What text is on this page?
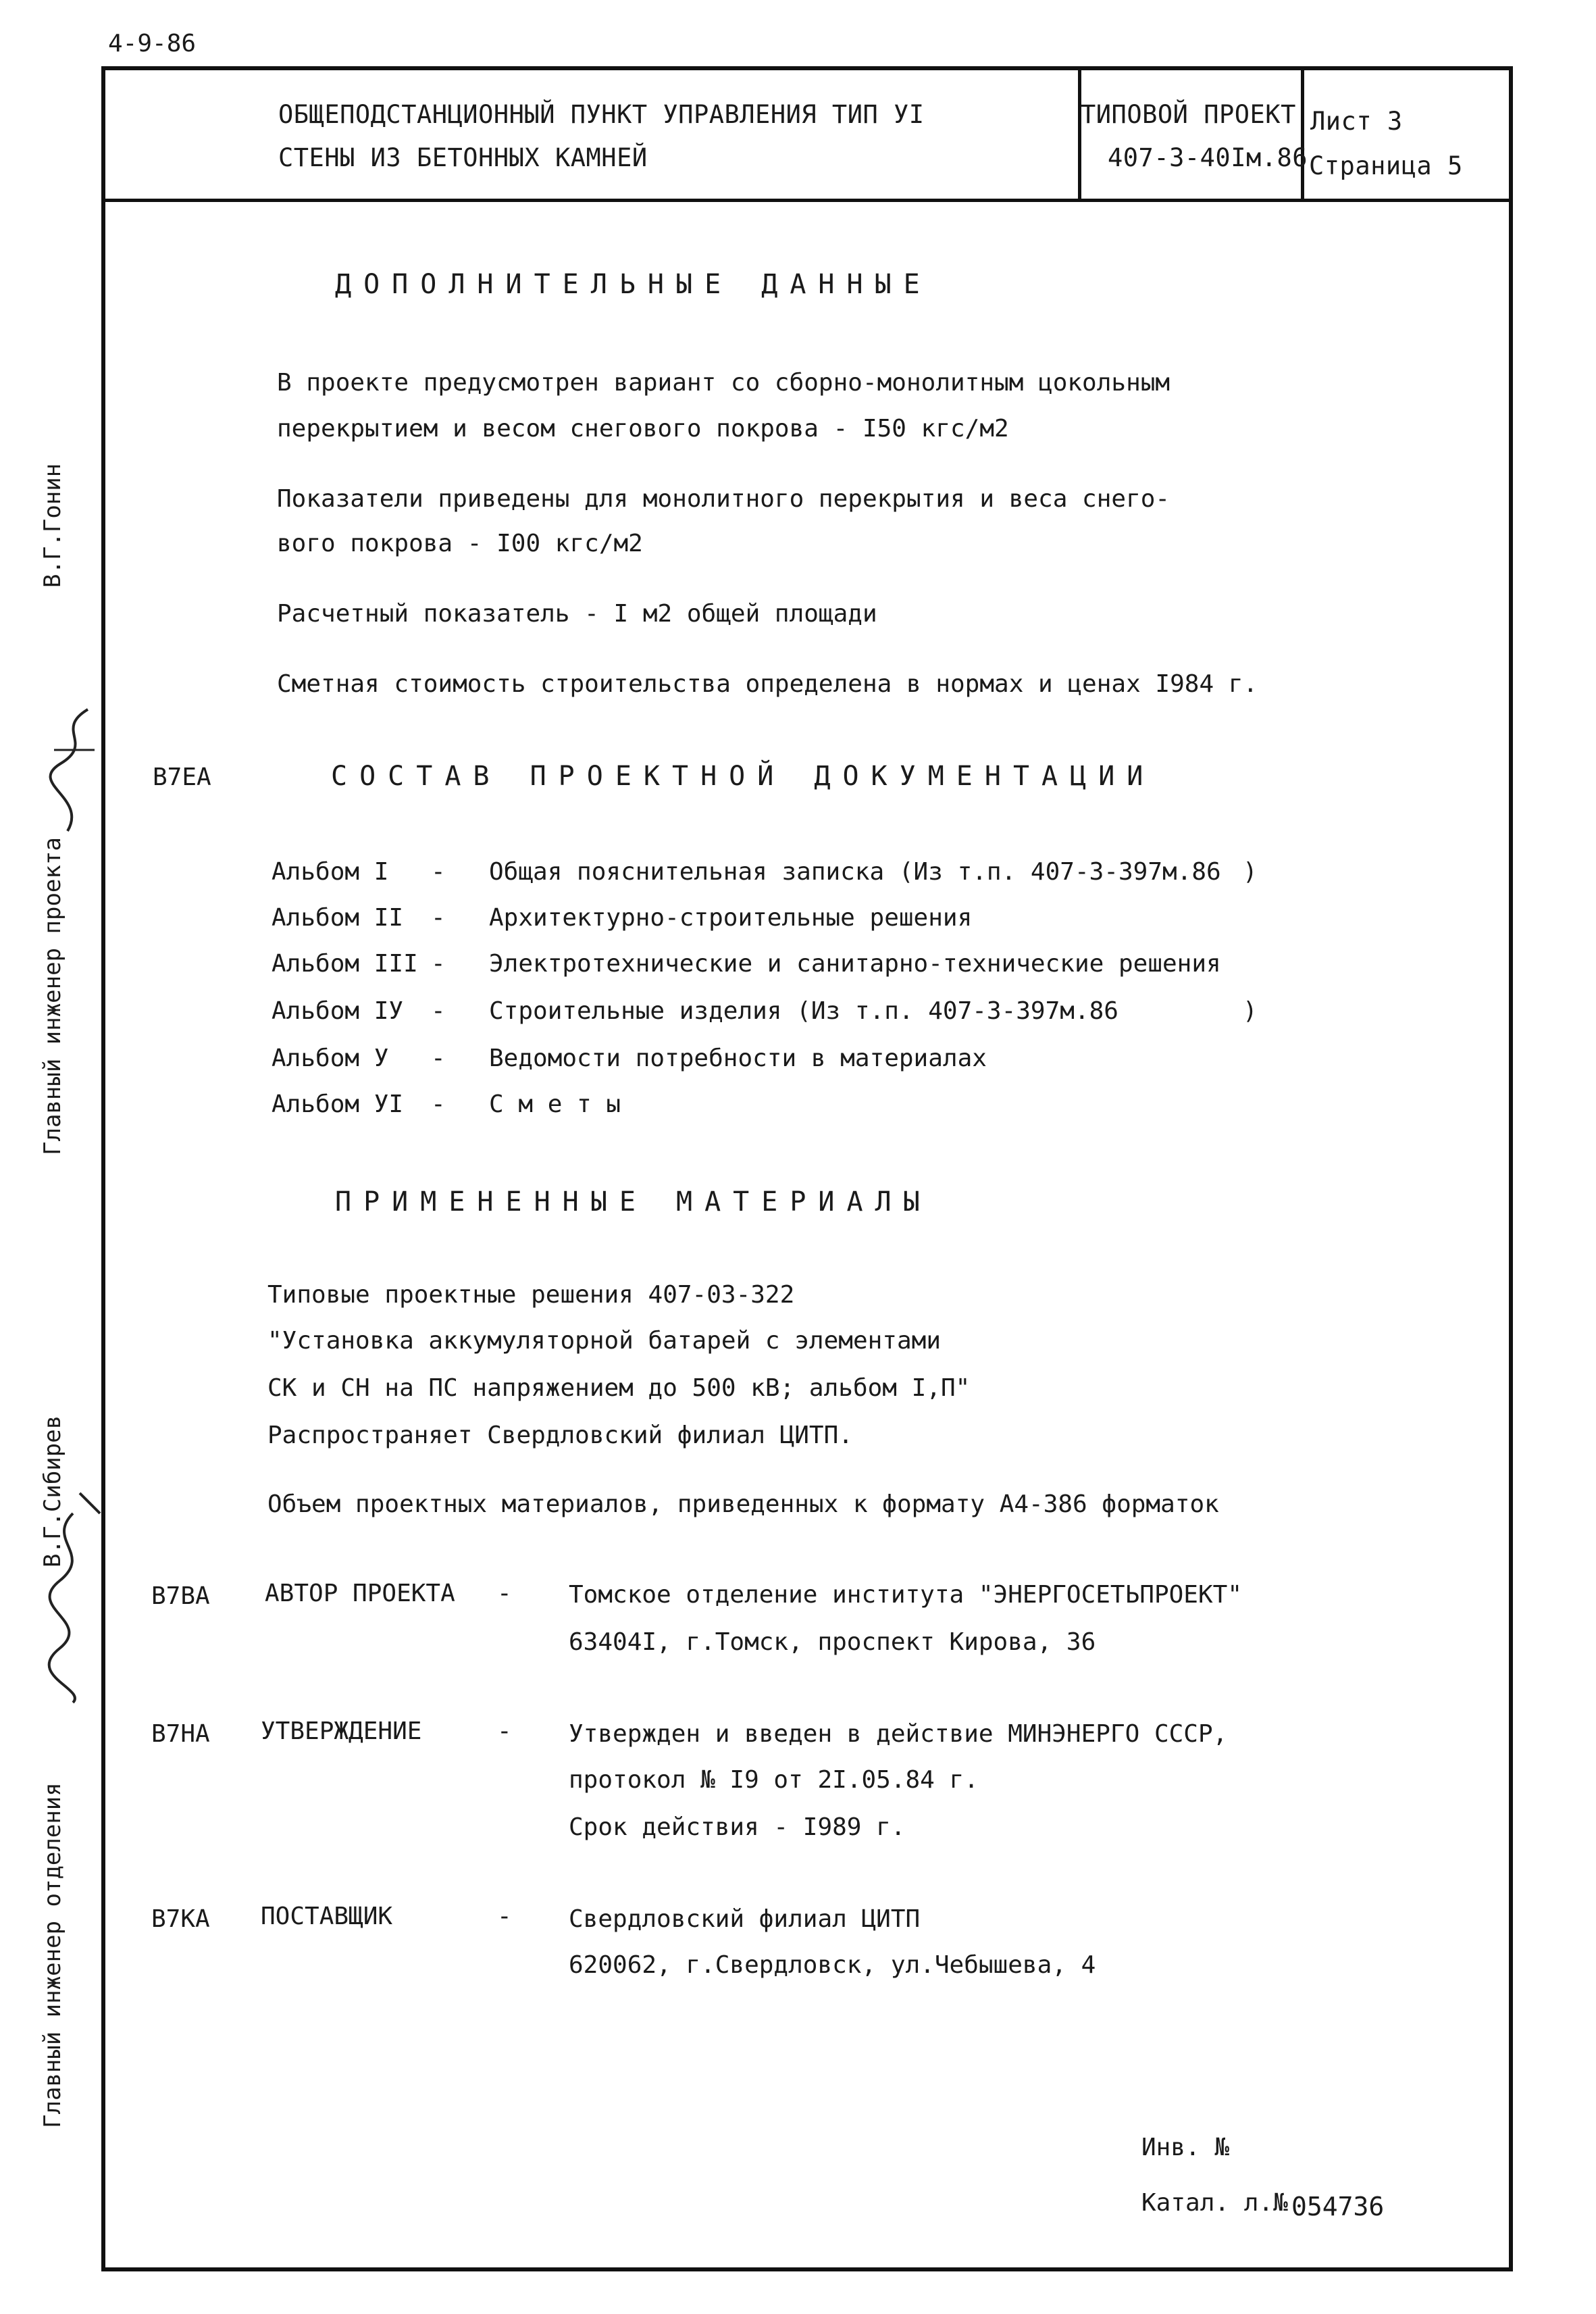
4-9-86
ОБЩЕПОДСТАНЦИОННЫЙ ПУНКТ УПРАВЛЕНИЯ ТИП УI
СТЕНЫ ИЗ БЕТОННЫХ КАМНЕЙ
ТИПОВОЙ ПРОЕКТ
407-3-40Iм.86
Лист 3
Страница 5
Главный инженер проекта
В.Г.Гонин
Главный инженер отделения
В.Г.Сибирев
ДОПОЛНИТЕЛЬНЫЕ ДАННЫЕ
В проекте предусмотрен вариант со сборно-монолитным цокольным
перекрытием и весом снегового покрова - I50 кгс/м2
Показатели приведены для монолитного перекрытия и веса снего-
вого покрова - I00 кгс/м2
Расчетный показатель - I м2 общей площади
Сметная стоимость строительства определена в нормах и ценах I984 г.
В7ЕА	СОСТАВ ПРОЕКТНОЙ ДОКУМЕНТАЦИИ
Альбом I - Общая пояснительная записка (Из т.п. 407-3-397м.86 )
Альбом II - Архитектурно-строительные решения
Альбом III - Электротехнические и санитарно-технические решения
Альбом IУ - Строительные изделия (Из т.п. 407-3-397м.86	)
Альбом У - Ведомости потребности в материалах
Альбом УI - С м е т ы
ПРИМЕНЕННЫЕ МАТЕРИАЛЫ
Типовые проектные решения 407-03-322
"Установка аккумуляторной батарей с элементами
СК и СН на ПС напряжением до 500 кВ; альбом I,П"
Распространяет Свердловский филиал ЦИТП.
Объем проектных материалов, приведенных к формату А4-386 форматок
В7ВА АВТОР ПРОЕКТА - Томское отделение института "ЭНЕРГОСЕТЬПРОЕКТ"
63404I, г.Томск, проспект Кирова, 36
В7НА УТВЕРЖДЕНИЕ	- Утвержден и введен в действие МИНЭНЕРГО СССР,
протокол № I9 от 2I.05.84 г.
Срок действия - I989 г.
В7КА ПОСТАВЩИК	- Свердловский филиал ЦИТП
620062, г.Свердловск, ул.Чебышева, 4
Инв. №
Катал. л.№ 054736
